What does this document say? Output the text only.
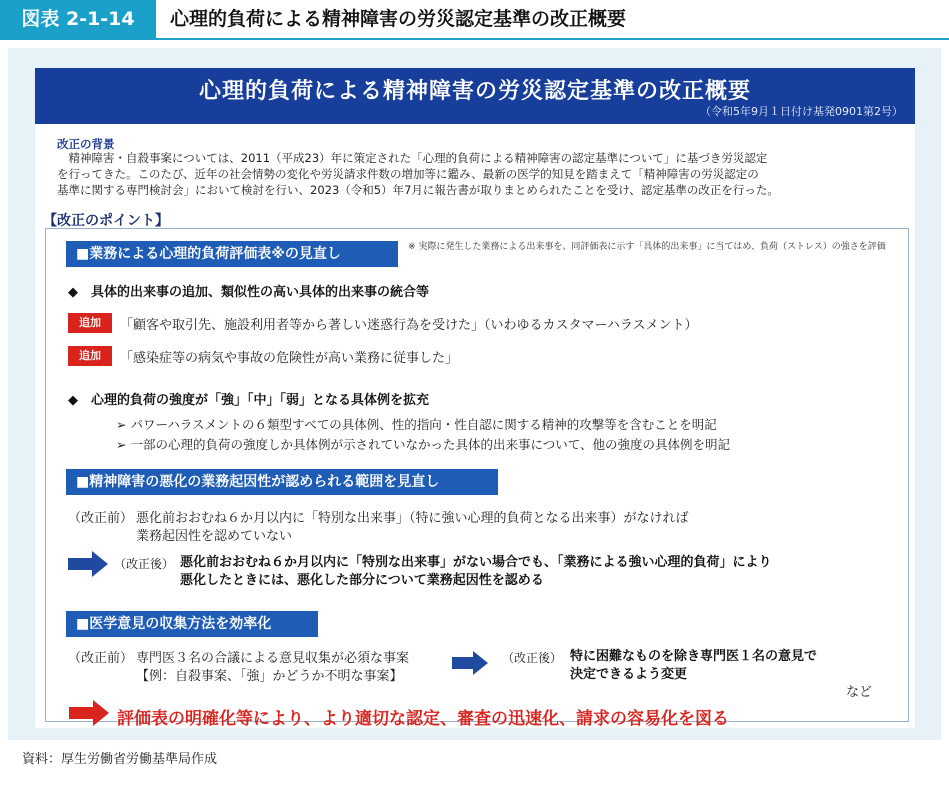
図表 2-1-14	心理的負荷による精神障害の労災認定基準の改正概要
心理的負荷による精神障害の労災認定基準の改正概要
（令和5年9月１日付け基発0901第2号）
改正の背景
　精神障害・自殺事案については、2011（平成23）年に策定された「心理的負荷による精神障害の認定基準について」に基づき労災認定
を行ってきた。このたび、近年の社会情勢の変化や労災請求件数の増加等に鑑み、最新の医学的知見を踏まえて「精神障害の労災認定の
基準に関する専門検討会」において検討を行い、2023（令和5）年7月に報告書が取りまとめられたことを受け、認定基準の改正を行った。
【改正のポイント】
■業務による心理的負荷評価表※の見直し	※ 実際に発生した業務による出来事を、同評価表に示す「具体的出来事」に当てはめ、負荷（ストレス）の強さを評価
◆　具体的出来事の追加、類似性の高い具体的出来事の統合等
追加	「顧客や取引先、施設利用者等から著しい迷惑行為を受けた」（いわゆるカスタマーハラスメント）
追加	「感染症等の病気や事故の危険性が高い業務に従事した」
◆　心理的負荷の強度が「強」「中」「弱」となる具体例を拡充
➢ パワーハラスメントの６類型すべての具体例、性的指向・性自認に関する精神的攻撃等を含むことを明記
➢ 一部の心理的負荷の強度しか具体例が示されていなかった具体的出来事について、他の強度の具体例を明記
■精神障害の悪化の業務起因性が認められる範囲を見直し
（改正前） 悪化前おおむね６か月以内に「特別な出来事」（特に強い心理的負荷となる出来事）がなければ
業務起因性を認めていない
（改正後） 悪化前おおむね６か月以内に「特別な出来事」がない場合でも、「業務による強い心理的負荷」により
悪化したときには、悪化した部分について業務起因性を認める
■医学意見の収集方法を効率化
（改正前） 専門医３名の合議による意見収集が必須な事案
【例：自殺事案、「強」かどうか不明な事案】
（改正後） 特に困難なものを除き専門医１名の意見で
決定できるよう変更
など
評価表の明確化等により、より適切な認定、審査の迅速化、請求の容易化を図る
資料：厚生労働省労働基準局作成
